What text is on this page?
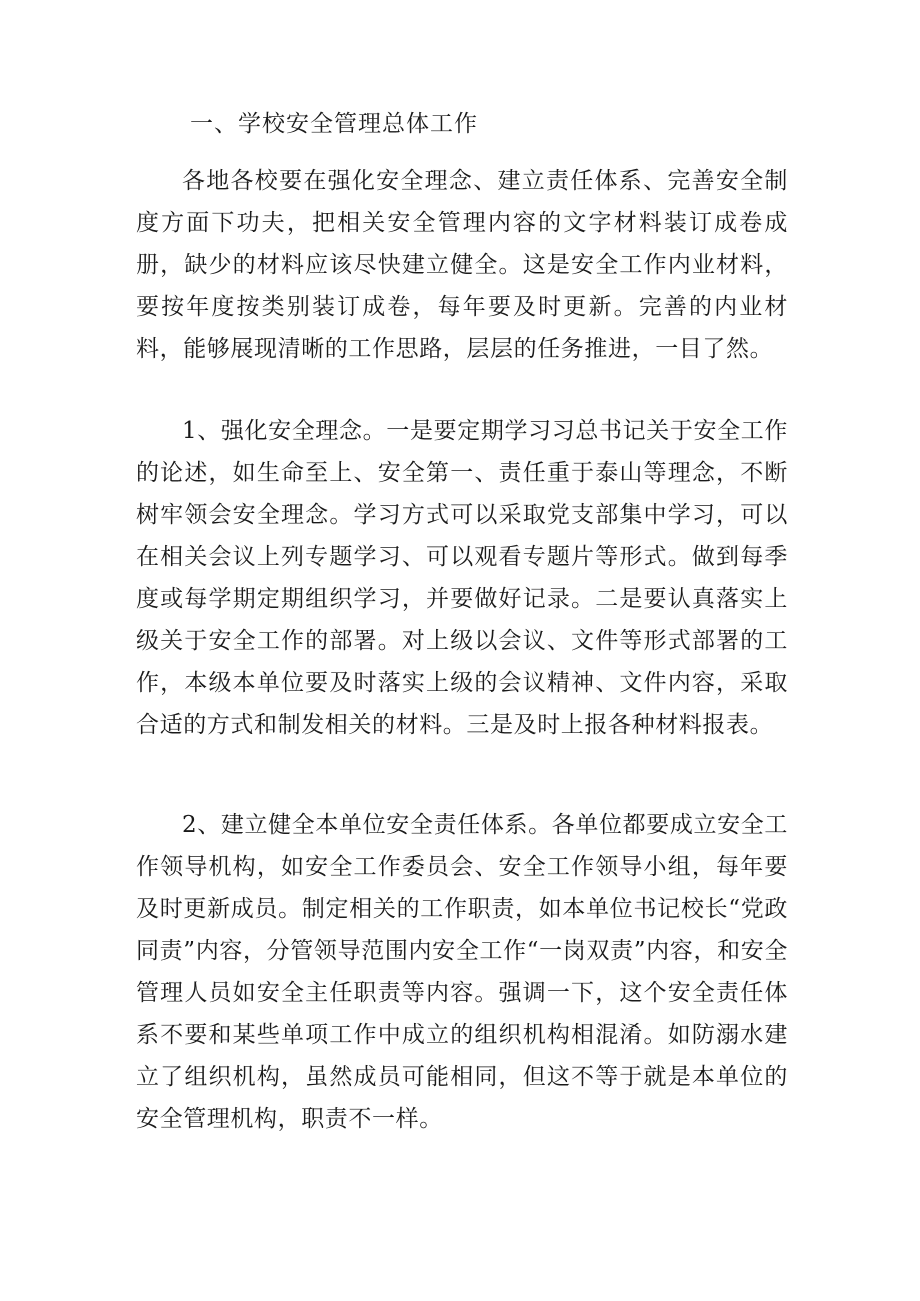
一、学校安全管理总体工作

各地各校要在强化安全理念、建立责任体系、完善安全制度方面下功夫，把相关安全管理内容的文字材料装订成卷成册，缺少的材料应该尽快建立健全。这是安全工作内业材料，要按年度按类别装订成卷，每年要及时更新。完善的内业材料，能够展现清晰的工作思路，层层的任务推进，一目了然。

1、强化安全理念。一是要定期学习习总书记关于安全工作的论述，如生命至上、安全第一、责任重于泰山等理念，不断树牢领会安全理念。学习方式可以采取党支部集中学习，可以在相关会议上列专题学习、可以观看专题片等形式。做到每季度或每学期定期组织学习，并要做好记录。二是要认真落实上级关于安全工作的部署。对上级以会议、文件等形式部署的工作，本级本单位要及时落实上级的会议精神、文件内容，采取合适的方式和制发相关的材料。三是及时上报各种材料报表。

2、建立健全本单位安全责任体系。各单位都要成立安全工作领导机构，如安全工作委员会、安全工作领导小组，每年要及时更新成员。制定相关的工作职责，如本单位书记校长“党政同责”内容，分管领导范围内安全工作“一岗双责”内容，和安全管理人员如安全主任职责等内容。强调一下，这个安全责任体系不要和某些单项工作中成立的组织机构相混淆。如防溺水建立了组织机构，虽然成员可能相同，但这不等于就是本单位的安全管理机构，职责不一样。
